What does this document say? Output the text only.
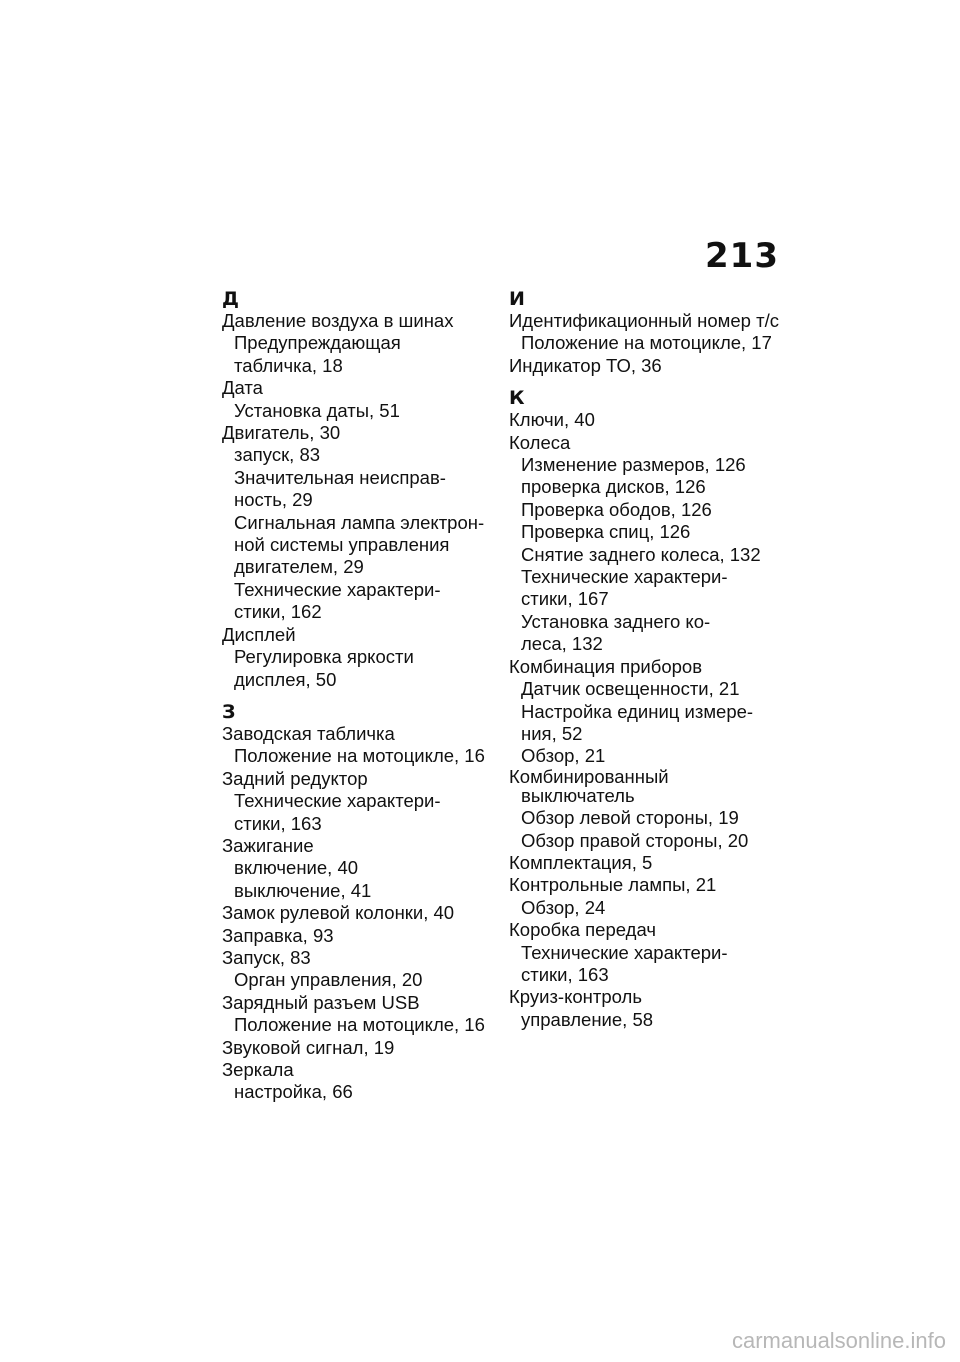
213
Д
Давление воздуха в шинах
Предупреждающая
табличка, 18
Дата
Установка даты, 51
Двигатель, 30
запуск, 83
Значительная неисправ-
ность, 29
Сигнальная лампа электрон-
ной системы управления
двигателем, 29
Технические характери-
стики, 162
Дисплей
Регулировка яркости
дисплея, 50
З
Заводская табличка
Положение на мотоцикле, 16
Задний редуктор
Технические характери-
стики, 163
Зажигание
включение, 40
выключение, 41
Замок рулевой колонки, 40
Заправка, 93
Запуск, 83
Орган управления, 20
Зарядный разъем USB
Положение на мотоцикле, 16
Звуковой сигнал, 19
Зеркала
настройка, 66
И
Идентификационный номер т/с
Положение на мотоцикле, 17
Индикатор ТО, 36
К
Ключи, 40
Колеса
Изменение размеров, 126
проверка дисков, 126
Проверка ободов, 126
Проверка спиц, 126
Снятие заднего колеса, 132
Технические характери-
стики, 167
Установка заднего ко-
леса, 132
Комбинация приборов
Датчик освещенности, 21
Настройка единиц измере-
ния, 52
Обзор, 21
Комбинированный
выключатель
Обзор левой стороны, 19
Обзор правой стороны, 20
Комплектация, 5
Контрольные лампы, 21
Обзор, 24
Коробка передач
Технические характери-
стики, 163
Круиз-контроль
управление, 58
carmanualsonline.info
